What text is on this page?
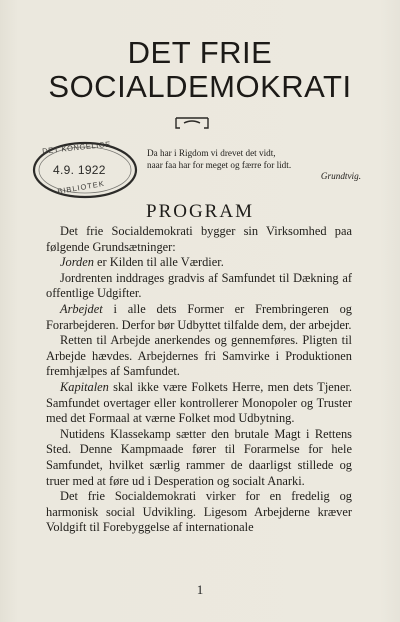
DET FRIE
SOCIALDEMOKRATI
DET KONGELIGE
4.9. 1922
BIBLIOTEK
Da har i Rigdom vi drevet det vidt,
naar faa har for meget og færre for lidt.
Grundtvig.
PROGRAM

Det frie Socialdemokrati bygger sin Virksomhed paa følgende Grundsætninger:

Jorden er Kilden til alle Værdier.

Jordrenten inddrages gradvis af Samfundet til Dækning af offentlige Udgifter.

Arbejdet i alle dets Former er Frembringeren og Forarbejderen. Derfor bør Udbyttet tilfalde dem, der arbejder.

Retten til Arbejde anerkendes og gennemføres. Pligten til Arbejde hævdes. Arbejdernes fri Samvirke i Produktionen fremhjælpes af Samfundet.

Kapitalen skal ikke være Folkets Herre, men dets Tjener. Samfundet overtager eller kontrollerer Monopoler og Truster med det Formaal at værne Folket mod Udbytning.

Nutidens Klassekamp sætter den brutale Magt i Rettens Sted. Denne Kampmaade fører til Forarmelse for hele Samfundet, hvilket særlig rammer de daarligst stillede og truer med at føre ud i Desperation og socialt Anarki.

Det frie Socialdemokrati virker for en fredelig og harmonisk social Udvikling. Ligesom Arbejderne kræver Voldgift til Forebyggelse af internationale

1
